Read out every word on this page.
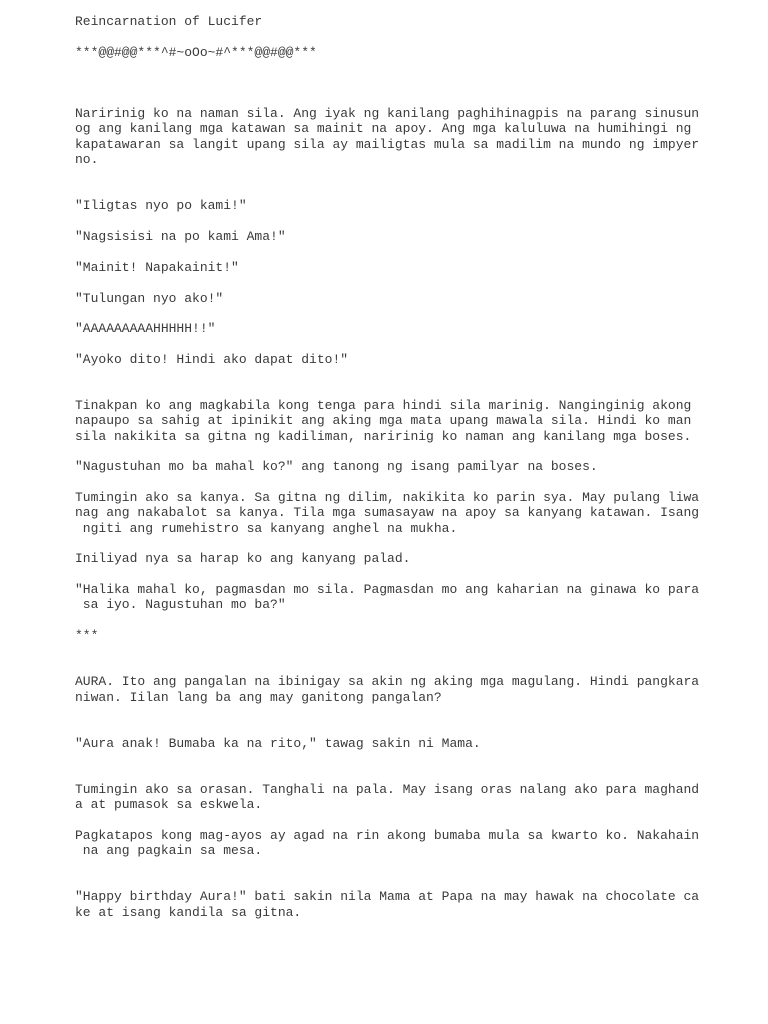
Reincarnation of Lucifer

***@@#@@***^#~oOo~#^***@@#@@***

Naririnig ko na naman sila. Ang iyak ng kanilang paghihinagpis na parang sinusun

og ang kanilang mga katawan sa mainit na apoy. Ang mga kaluluwa na humihingi ng

kapatawaran sa langit upang sila ay mailigtas mula sa madilim na mundo ng impyer

no.

"Iligtas nyo po kami!"

"Nagsisisi na po kami Ama!"

"Mainit! Napakainit!"

"Tulungan nyo ako!"

"AAAAAAAAAHHHHH!!"

"Ayoko dito! Hindi ako dapat dito!"

Tinakpan ko ang magkabila kong tenga para hindi sila marinig. Nanginginig akong

napaupo sa sahig at ipinikit ang aking mga mata upang mawala sila. Hindi ko man

sila nakikita sa gitna ng kadiliman, naririnig ko naman ang kanilang mga boses.

"Nagustuhan mo ba mahal ko?" ang tanong ng isang pamilyar na boses.

Tumingin ako sa kanya. Sa gitna ng dilim, nakikita ko parin sya. May pulang liwa

nag ang nakabalot sa kanya. Tila mga sumasayaw na apoy sa kanyang katawan. Isang

ngiti ang rumehistro sa kanyang anghel na mukha.

Iniliyad nya sa harap ko ang kanyang palad.

"Halika mahal ko, pagmasdan mo sila. Pagmasdan mo ang kaharian na ginawa ko para

sa iyo. Nagustuhan mo ba?"

***

AURA. Ito ang pangalan na ibinigay sa akin ng aking mga magulang. Hindi pangkara

niwan. Iilan lang ba ang may ganitong pangalan?

"Aura anak! Bumaba ka na rito," tawag sakin ni Mama.

Tumingin ako sa orasan. Tanghali na pala. May isang oras nalang ako para maghand

a at pumasok sa eskwela.

Pagkatapos kong mag-ayos ay agad na rin akong bumaba mula sa kwarto ko. Nakahain

na ang pagkain sa mesa.

"Happy birthday Aura!" bati sakin nila Mama at Papa na may hawak na chocolate ca

ke at isang kandila sa gitna.
